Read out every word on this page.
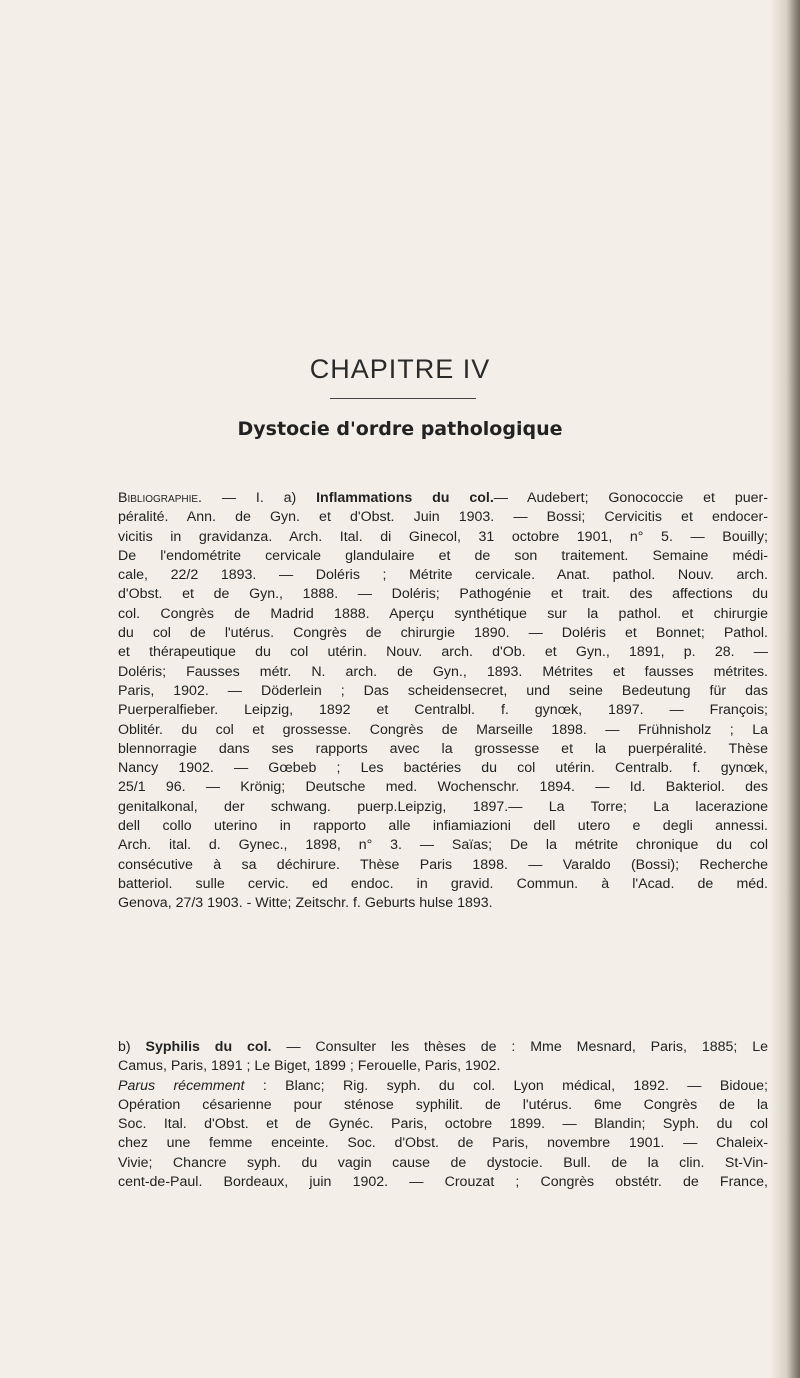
CHAPITRE IV
Dystocie d'ordre pathologique
Bibliographie. — I. a) Inflammations du col.— Audebert; Gonococcie et puer-
péralité. Ann. de Gyn. et d'Obst. Juin 1903. — Bossi; Cervicitis et endocer-
vicitis in gravidanza. Arch. Ital. di Ginecol, 31 octobre 1901, n° 5. — Bouilly;
De l'endométrite cervicale glandulaire et de son traitement. Semaine médi-
cale, 22/2 1893. — Doléris ; Métrite cervicale. Anat. pathol. Nouv. arch.
d'Obst. et de Gyn., 1888. — Doléris; Pathogénie et trait. des affections du
col. Congrès de Madrid 1888. Aperçu synthétique sur la pathol. et chirurgie
du col de l'utérus. Congrès de chirurgie 1890. — Doléris et Bonnet; Pathol.
et thérapeutique du col utérin. Nouv. arch. d'Ob. et Gyn., 1891, p. 28. —
Doléris; Fausses métr. N. arch. de Gyn., 1893. Métrites et fausses métrites.
Paris, 1902. — Döderlein ; Das scheidensecret, und seine Bedeutung für das
Puerperalfieber. Leipzig, 1892 et Centralbl. f. gynœk, 1897. — François;
Oblitér. du col et grossesse. Congrès de Marseille 1898. — Frühnisholz ; La
blennorragie dans ses rapports avec la grossesse et la puerpéralité. Thèse
Nancy 1902. — Gœbeb ; Les bactéries du col utérin. Centralb. f. gynœk,
25/1 96. — Krönig; Deutsche med. Wochenschr. 1894. — Id. Bakteriol. des
genitalkonal, der schwang. puerp.Leipzig, 1897.— La Torre; La lacerazione
dell collo uterino in rapporto alle infiamiazioni dell utero e degli annessi.
Arch. ital. d. Gynec., 1898, n° 3. — Saïas; De la métrite chronique du col
consécutive à sa déchirure. Thèse Paris 1898. — Varaldo (Bossi); Recherche
batteriol. sulle cervic. ed endoc. in gravid. Commun. à l'Acad. de méd.
Genova, 27/3 1903. - Witte; Zeitschr. f. Geburts hulse 1893.
b) Syphilis du col. — Consulter les thèses de : Mme Mesnard, Paris, 1885; Le
Camus, Paris, 1891 ; Le Biget, 1899 ; Ferouelle, Paris, 1902.
Parus récemment : Blanc; Rig. syph. du col. Lyon médical, 1892. — Bidoue;
Opération césarienne pour sténose syphilit. de l'utérus. 6me Congrès de la
Soc. Ital. d'Obst. et de Gynéc. Paris, octobre 1899. — Blandin; Syph. du col
chez une femme enceinte. Soc. d'Obst. de Paris, novembre 1901. — Chaleix-
Vivie; Chancre syph. du vagin cause de dystocie. Bull. de la clin. St-Vin-
cent-de-Paul. Bordeaux, juin 1902. — Crouzat ; Congrès obstétr. de France,
